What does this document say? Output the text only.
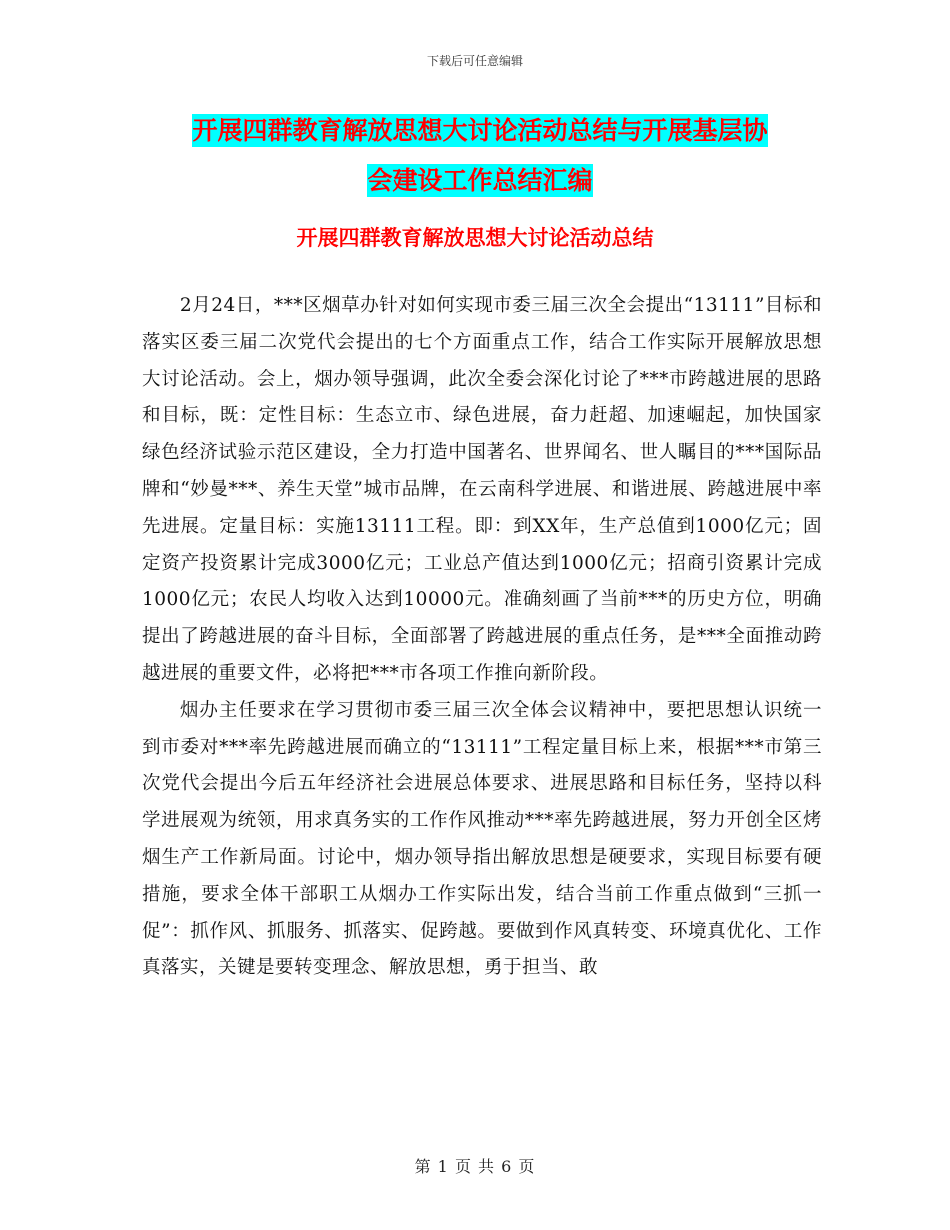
下载后可任意编辑
开展四群教育解放思想大讨论活动总结与开展基层协
会建设工作总结汇编
开展四群教育解放思想大讨论活动总结

2月24日，***区烟草办针对如何实现市委三届三次全会提出“13111”目标和落实区委三届二次党代会提出的七个方面重点工作，结合工作实际开展解放思想大讨论活动。会上，烟办领导强调，此次全委会深化讨论了***市跨越进展的思路和目标，既：定性目标：生态立市、绿色进展，奋力赶超、加速崛起，加快国家绿色经济试验示范区建设，全力打造中国著名、世界闻名、世人瞩目的***国际品牌和“妙曼***、养生天堂”城市品牌，在云南科学进展、和谐进展、跨越进展中率先进展。定量目标：实施13111工程。即：到XX年，生产总值到1000亿元；固定资产投资累计完成3000亿元；工业总产值达到1000亿元；招商引资累计完成1000亿元；农民人均收入达到10000元。准确刻画了当前***的历史方位，明确提出了跨越进展的奋斗目标，全面部署了跨越进展的重点任务，是***全面推动跨越进展的重要文件，必将把***市各项工作推向新阶段。

烟办主任要求在学习贯彻市委三届三次全体会议精神中，要把思想认识统一到市委对***率先跨越进展而确立的“13111”工程定量目标上来，根据***市第三次党代会提出今后五年经济社会进展总体要求、进展思路和目标任务，坚持以科学进展观为统领，用求真务实的工作作风推动***率先跨越进展，努力开创全区烤烟生产工作新局面。讨论中，烟办领导指出解放思想是硬要求，实现目标要有硬措施，要求全体干部职工从烟办工作实际出发，结合当前工作重点做到“三抓一促”：抓作风、抓服务、抓落实、促跨越。要做到作风真转变、环境真优化、工作真落实，关键是要转变理念、解放思想，勇于担当、敢

第 1 页 共 6 页
